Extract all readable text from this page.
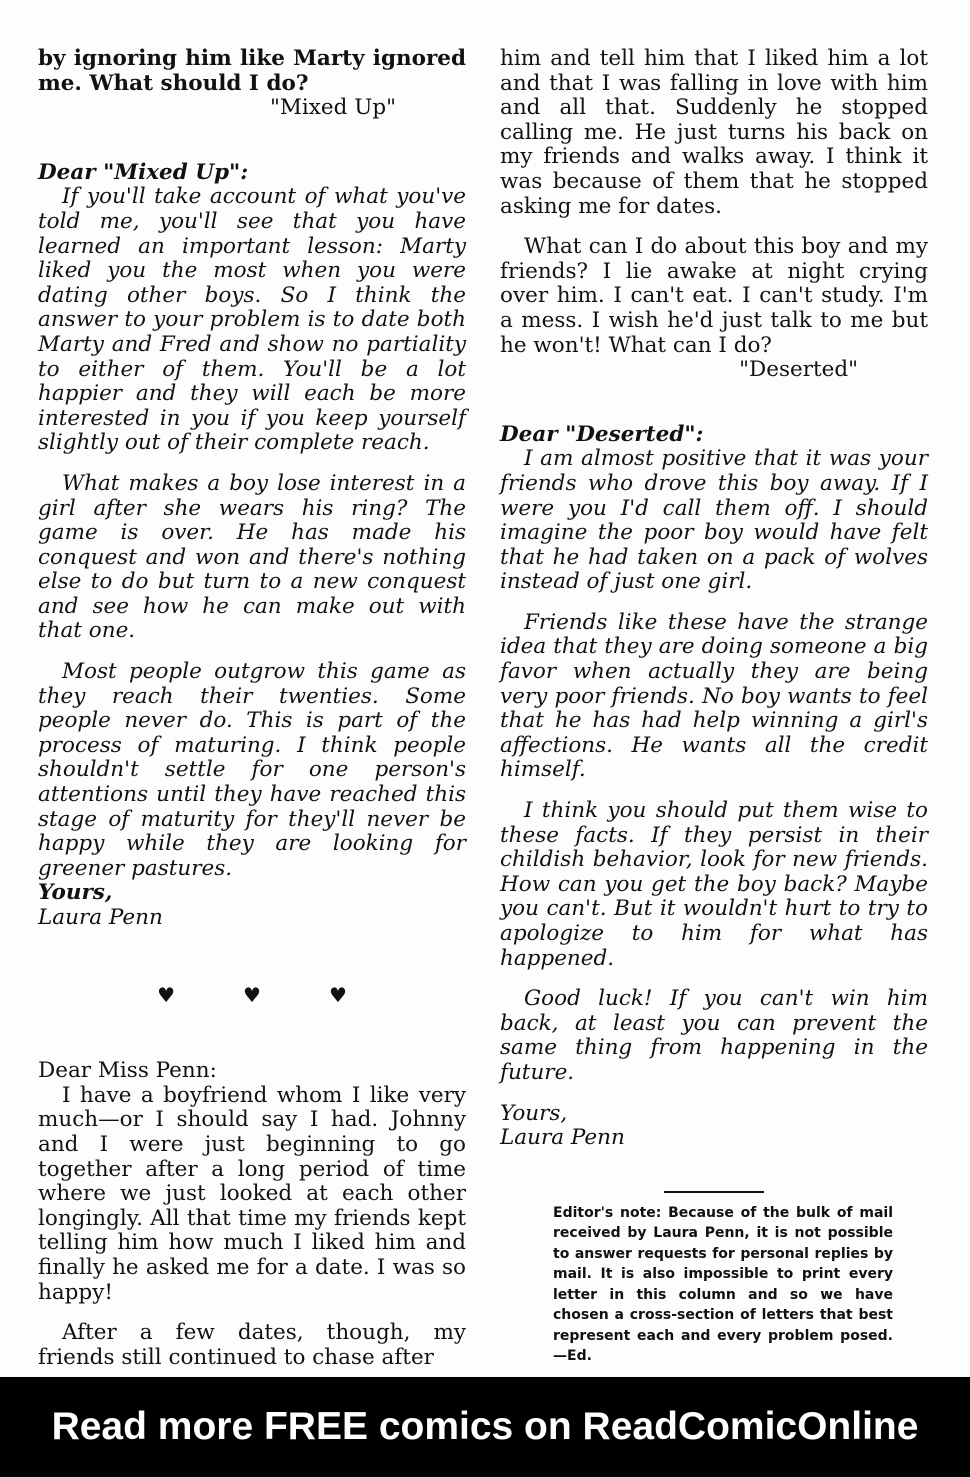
by ignoring him like Marty ignored me. What should I do?

"Mixed Up"

Dear "Mixed Up":

If you'll take account of what you've told me, you'll see that you have learned an important lesson: Marty liked you the most when you were dating other boys. So I think the answer to your problem is to date both Marty and Fred and show no partiality to either of them. You'll be a lot happier and they will each be more interested in you if you keep yourself slightly out of their complete reach.

What makes a boy lose interest in a girl after she wears his ring? The game is over. He has made his conquest and won and there's nothing else to do but turn to a new conquest and see how he can make out with that one.

Most people outgrow this game as they reach their twenties. Some people never do. This is part of the process of maturing. I think people shouldn't settle for one person's attentions until they have reached this stage of maturity for they'll never be happy while they are looking for greener pastures.

Yours,

Laura Penn

♥	♥	♥

Dear Miss Penn:

I have a boyfriend whom I like very much—or I should say I had. Johnny and I were just beginning to go together after a long period of time where we just looked at each other longingly. All that time my friends kept telling him how much I liked him and finally he asked me for a date. I was so happy!

After a few dates, though, my friends still continued to chase after

him and tell him that I liked him a lot and that I was falling in love with him and all that. Suddenly he stopped calling me. He just turns his back on my friends and walks away. I think it was because of them that he stopped asking me for dates.

What can I do about this boy and my friends? I lie awake at night crying over him. I can't eat. I can't study. I'm a mess. I wish he'd just talk to me but he won't! What can I do?

"Deserted"

Dear "Deserted":

I am almost positive that it was your friends who drove this boy away. If I were you I'd call them off. I should imagine the poor boy would have felt that he had taken on a pack of wolves instead of just one girl.

Friends like these have the strange idea that they are doing someone a big favor when actually they are being very poor friends. No boy wants to feel that he has had help winning a girl's affections. He wants all the credit himself.

I think you should put them wise to these facts. If they persist in their childish behavior, look for new friends. How can you get the boy back? Maybe you can't. But it wouldn't hurt to try to apologize to him for what has happened.

Good luck! If you can't win him back, at least you can prevent the same thing from happening in the future.

Yours,

Laura Penn

Editor's note: Because of the bulk of mail received by Laura Penn, it is not possible to answer requests for personal replies by mail. It is also impossible to print every letter in this column and so we have chosen a cross-section of letters that best represent each and every problem posed.—Ed.
Read more FREE comics on ReadComicOnline
